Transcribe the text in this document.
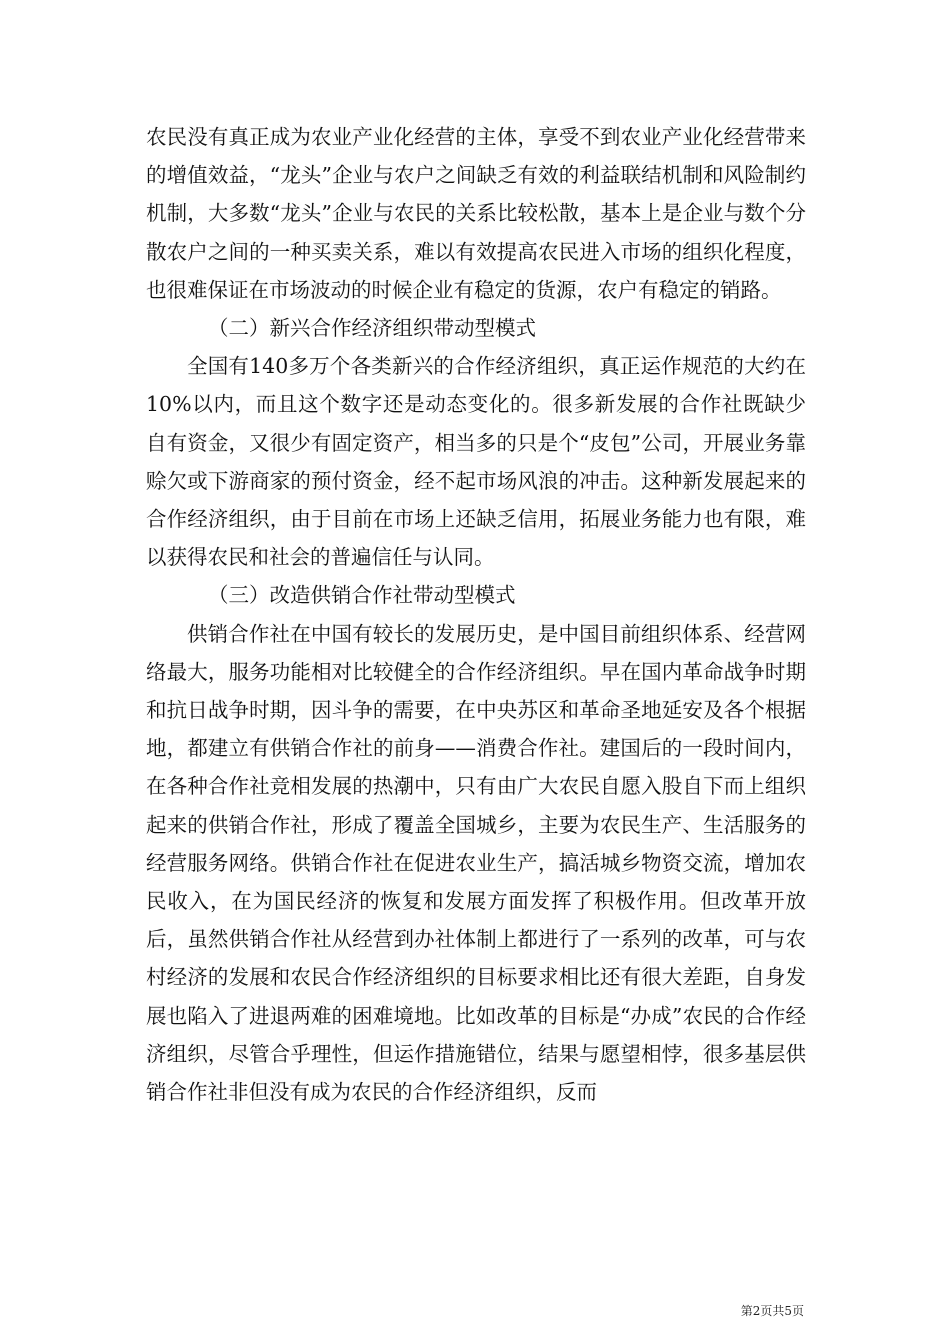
农民没有真正成为农业产业化经营的主体，享受不到农业产业化经营带来的增值效益，“龙头”企业与农户之间缺乏有效的利益联结机制和风险制约机制，大多数“龙头”企业与农民的关系比较松散，基本上是企业与数个分散农户之间的一种买卖关系，难以有效提高农民进入市场的组织化程度，也很难保证在市场波动的时候企业有稳定的货源，农户有稳定的销路。

（二）新兴合作经济组织带动型模式

全国有140多万个各类新兴的合作经济组织，真正运作规范的大约在10%以内，而且这个数字还是动态变化的。很多新发展的合作社既缺少自有资金，又很少有固定资产，相当多的只是个“皮包”公司，开展业务靠赊欠或下游商家的预付资金，经不起市场风浪的冲击。这种新发展起来的合作经济组织，由于目前在市场上还缺乏信用，拓展业务能力也有限，难以获得农民和社会的普遍信任与认同。

（三）改造供销合作社带动型模式

供销合作社在中国有较长的发展历史，是中国目前组织体系、经营网络最大，服务功能相对比较健全的合作经济组织。早在国内革命战争时期和抗日战争时期，因斗争的需要，在中央苏区和革命圣地延安及各个根据地，都建立有供销合作社的前身——消费合作社。建国后的一段时间内，在各种合作社竞相发展的热潮中，只有由广大农民自愿入股自下而上组织起来的供销合作社，形成了覆盖全国城乡，主要为农民生产、生活服务的经营服务网络。供销合作社在促进农业生产，搞活城乡物资交流，增加农民收入，在为国民经济的恢复和发展方面发挥了积极作用。但改革开放后，虽然供销合作社从经营到办社体制上都进行了一系列的改革，可与农村经济的发展和农民合作经济组织的目标要求相比还有很大差距，自身发展也陷入了进退两难的困难境地。比如改革的目标是“办成”农民的合作经济组织，尽管合乎理性，但运作措施错位，结果与愿望相悖，很多基层供销合作社非但没有成为农民的合作经济组织，反而

第2页共5页
